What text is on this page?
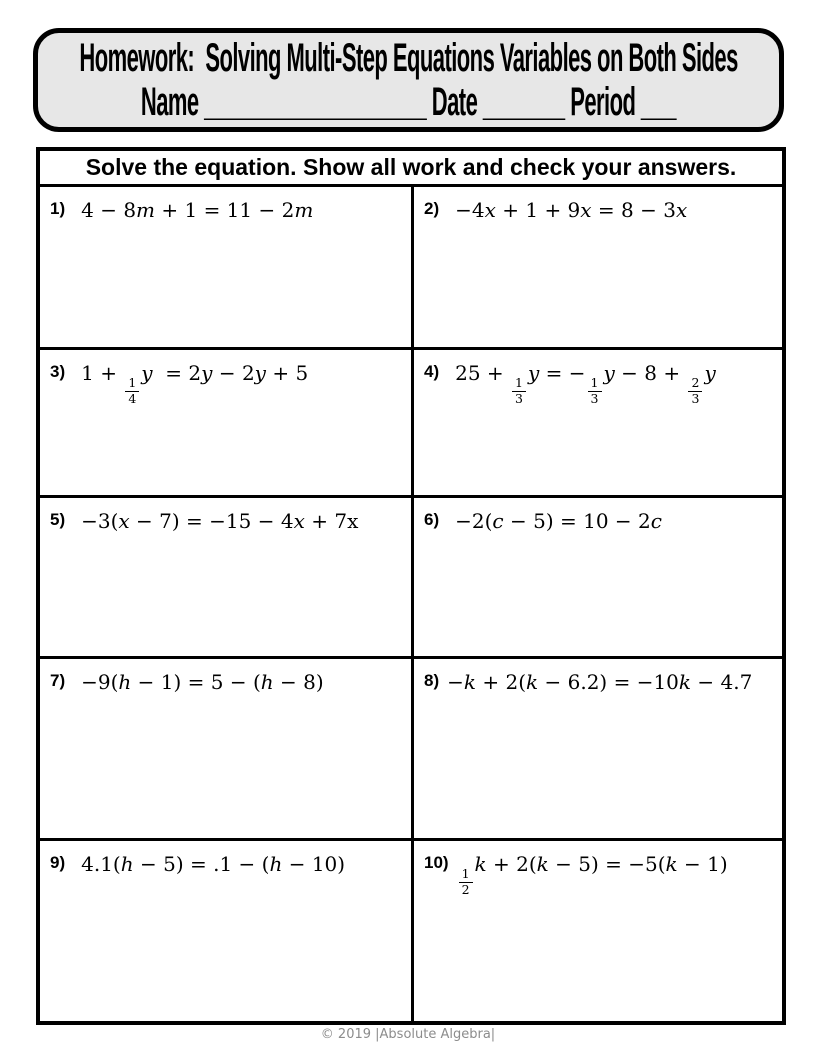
Homework:  Solving Multi-Step Equations Variables on Both Sides
Name ___________________ Date _______ Period ___
Solve the equation. Show all work and check your answers.
1) 4 − 8m + 1 = 11 − 2m	2) −4x + 1 + 9x = 8 − 3x
3) 1 +
$\frac{1}{4}$
y  = 2y − 2y + 5	4) 25 +
$\frac{1}{3}$
y = −
$\frac{1}{3}$
y − 8 +
$\frac{2}{3}$
y
5) −3(x − 7) = −15 − 4x + 7x	6) −2(c − 5) = 10 − 2c
7) −9(h − 1) = 5 − (h − 8)	8) −k + 2(k − 6.2) = −10k − 4.7
9) 4.1(h − 5) = .1 − (h − 10)	10)
$\frac{1}{2}$
k + 2(k − 5) = −5(k − 1)
© 2019 |Absolute Algebra|
